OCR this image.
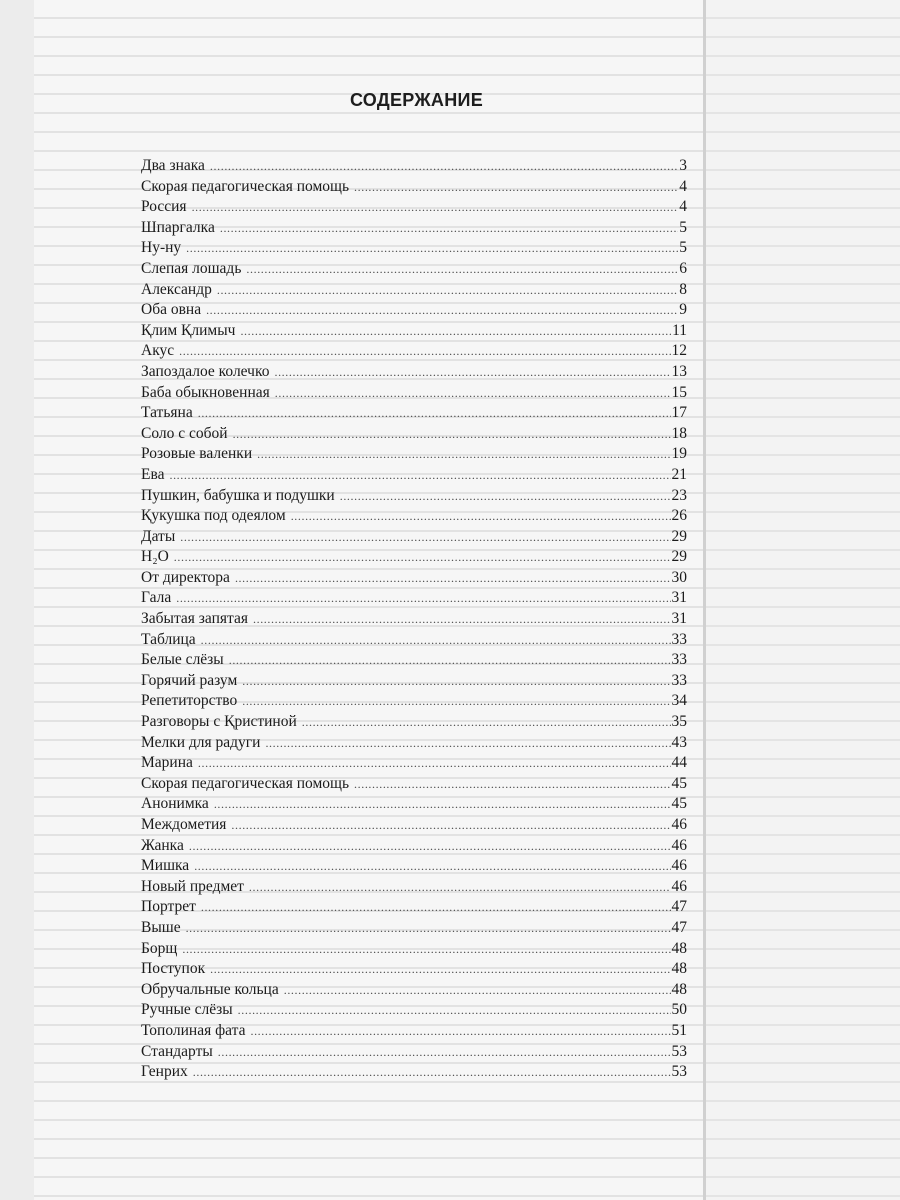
СОДЕРЖАНИЕ
Два знака . . .	3
Скорая педагогическая помощь . . .	4
Россия . . .	4
Шпаргалка . . .	5
Ну-ну . . .	5
Слепая лошадь . . .	6
Александр . . .	8
Оба овна . . .	9
Қлим Қлимыч . . .	11
Акус . . .	12
Запоздалое колечко . . .	13
Баба обыкновенная . . .	15
Татьяна . . .	17
Соло с собой . . .	18
Розовые валенки . . .	19
Ева . . .	21
Пушкин, бабушка и подушки . . .	23
Қукушка под одеялом . . .	26
Даты . . .	29
H₂O . . .	29
От директора . . .	30
Гала . . .	31
Забытая запятая . . .	31
Таблица . . .	33
Белые слёзы . . .	33
Горячий разум . . .	33
Репетиторство . . .	34
Разговоры с Қристиной . . .	35
Мелки для радуги . . .	43
Марина . . .	44
Скорая педагогическая помощь . . .	45
Анонимка . . .	45
Междометия . . .	46
Жанка . . .	46
Мишка . . .	46
Новый предмет . . .	46
Портрет . . .	47
Выше . . .	47
Борщ . . .	48
Поступок . . .	48
Обручальные кольца . . .	48
Ручные слёзы . . .	50
Тополиная фата . . .	51
Стандарты . . .	53
Генрих . . .	53
